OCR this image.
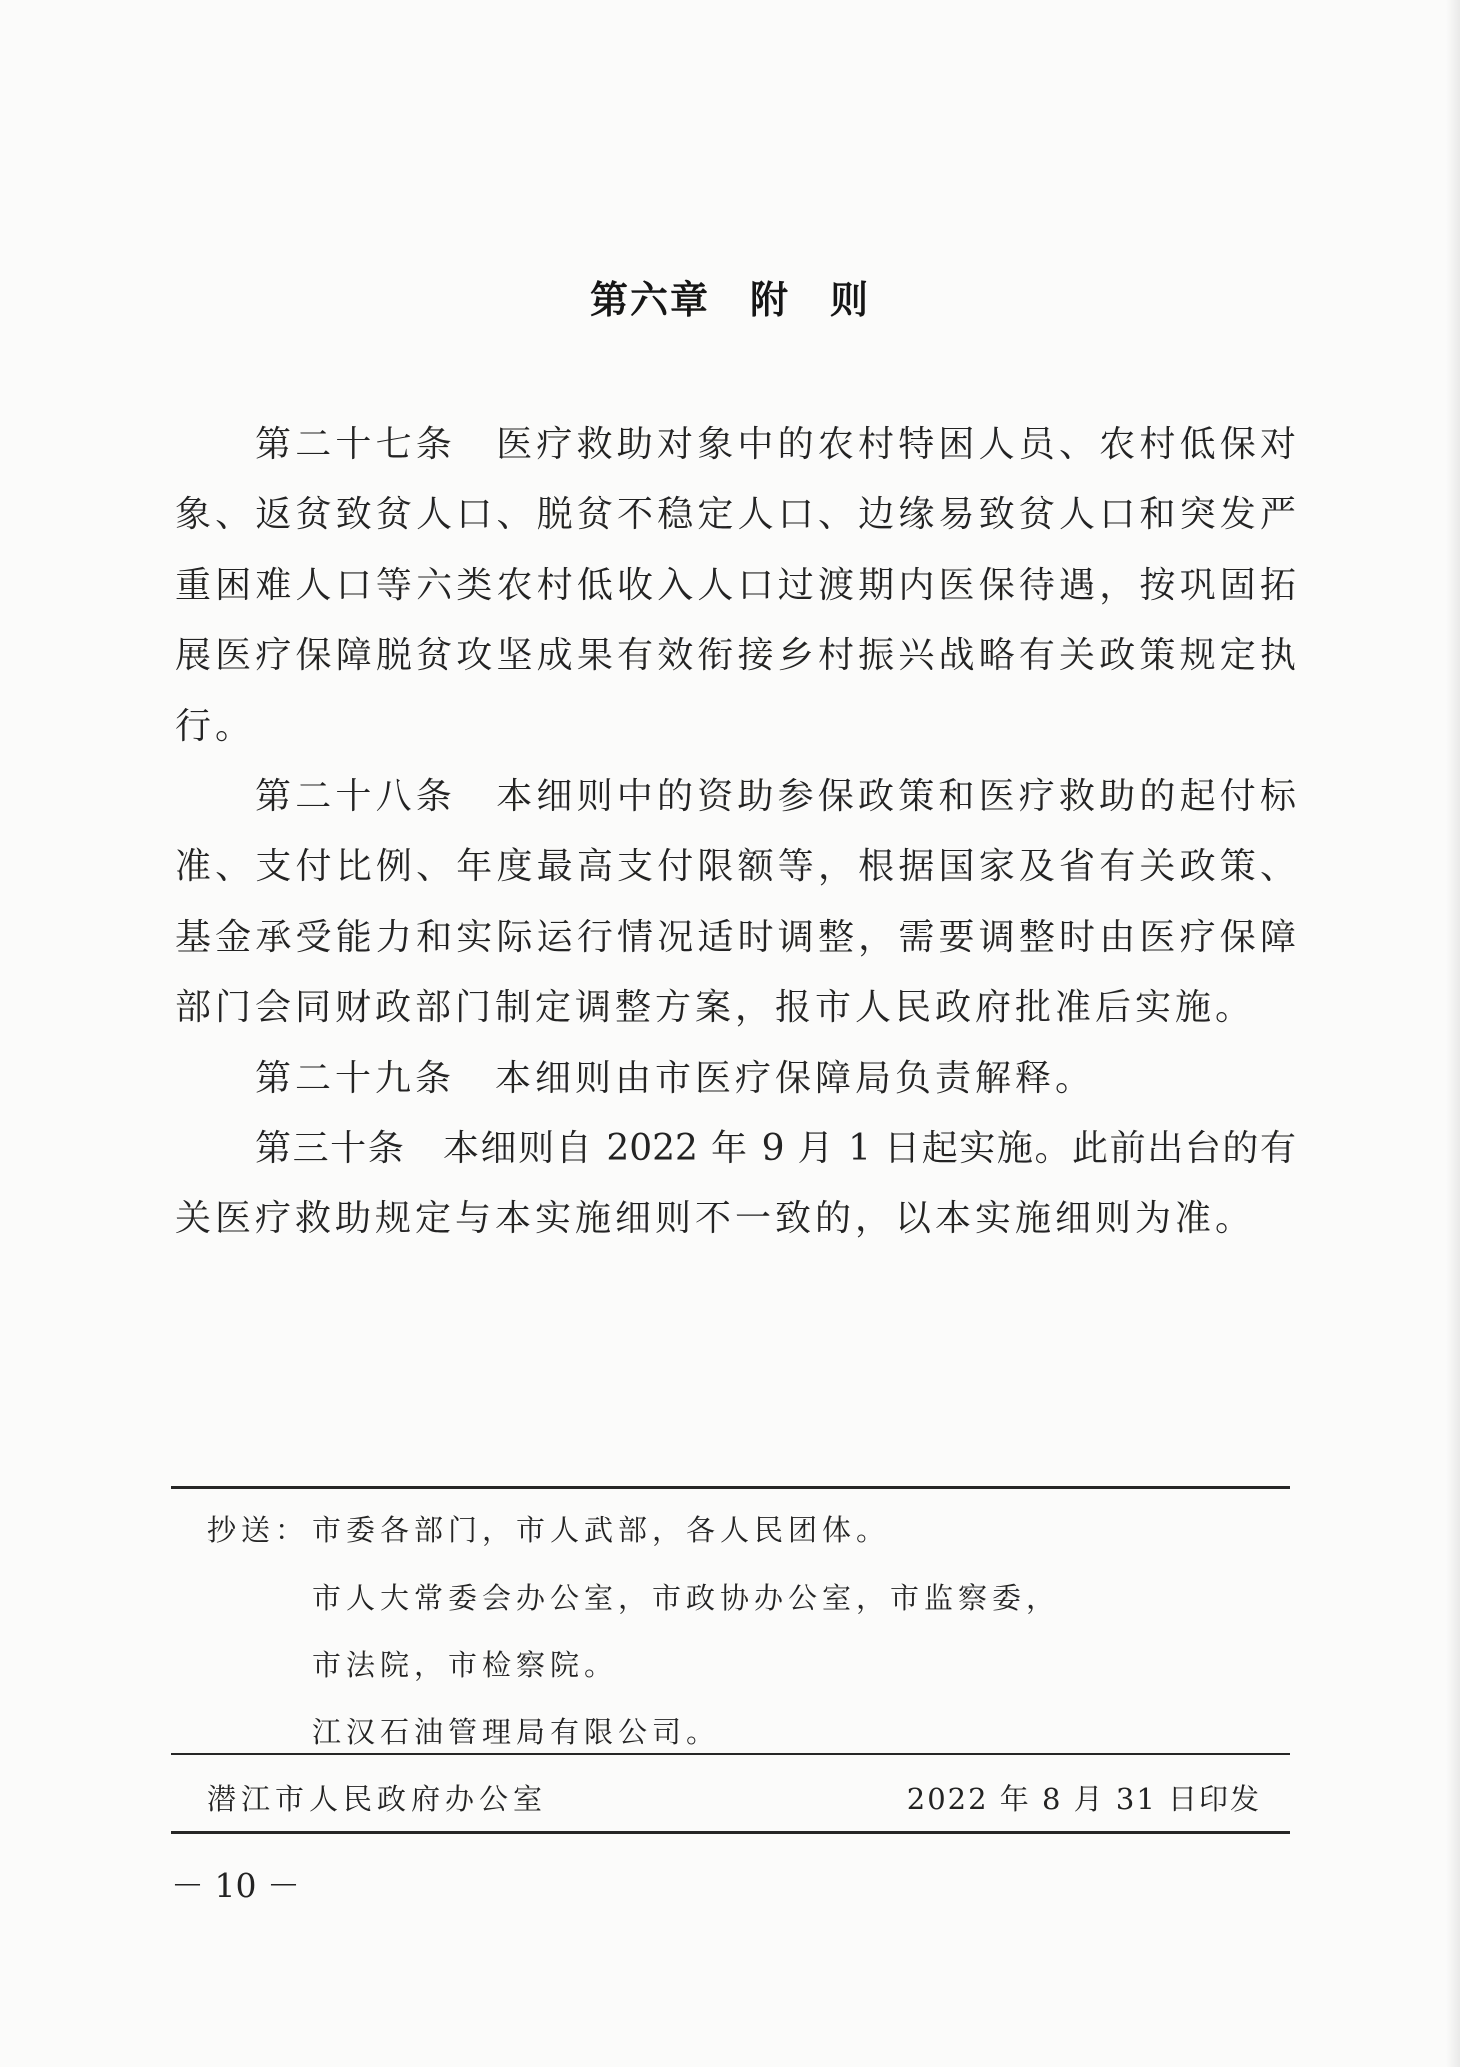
第六章　附　则
第二十七条　医疗救助对象中的农村特困人员、农村低保对
象、返贫致贫人口、脱贫不稳定人口、边缘易致贫人口和突发严
重困难人口等六类农村低收入人口过渡期内医保待遇，按巩固拓
展医疗保障脱贫攻坚成果有效衔接乡村振兴战略有关政策规定执
行。
第二十八条　本细则中的资助参保政策和医疗救助的起付标
准、支付比例、年度最高支付限额等，根据国家及省有关政策、
基金承受能力和实际运行情况适时调整，需要调整时由医疗保障
部门会同财政部门制定调整方案，报市人民政府批准后实施。
第二十九条　本细则由市医疗保障局负责解释。
第三十条　本细则自 2022 年 9 月 1 日起实施。此前出台的有
关医疗救助规定与本实施细则不一致的，以本实施细则为准。
抄送： 市委各部门，市人武部，各人民团体。
市人大常委会办公室，市政协办公室，市监察委，
市法院，市检察院。
江汉石油管理局有限公司。
潜江市人民政府办公室	2022 年 8 月 31 日印发
－ 10 －
